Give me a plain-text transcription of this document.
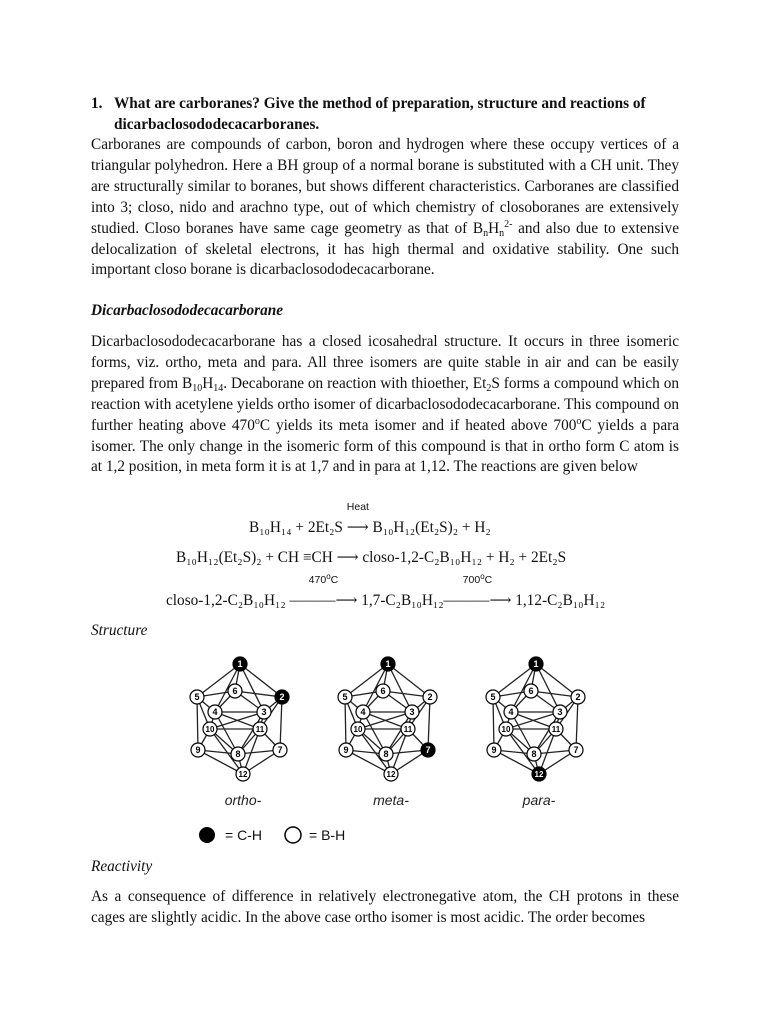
1. What are carboranes? Give the method of preparation, structure and reactions of
dicarbaclosododecacarboranes.

Carboranes are compounds of carbon, boron and hydrogen where these occupy vertices of a triangular polyhedron. Here a BH group of a normal borane is substituted with a CH unit. They are structurally similar to boranes, but shows different characteristics. Carboranes are classified into 3; closo, nido and arachno type, out of which chemistry of closoboranes are extensively studied. Closo boranes have same cage geometry as that of $B_nH_n^{2-}$ and also due to extensive delocalization of skeletal electrons, it has high thermal and oxidative stability. One such important closo borane is dicarbaclosododecacarborane.

Dicarbaclosododecacarborane

Dicarbaclosododecacarborane has a closed icosahedral structure. It occurs in three isomeric forms, viz. ortho, meta and para. All three isomers are quite stable in air and can be easily prepared from $B_{10}H_{14}$. Decaborane on reaction with thioether, $Et_2S$ forms a compound which on reaction with acetylene yields ortho isomer of dicarbaclosododecacarborane. This compound on further heating above 470$^o$C yields its meta isomer and if heated above 700$^o$C yields a para isomer. The only change in the isomeric form of this compound is that in ortho form C atom is at 1,2 position, in meta form it is at 1,7 and in para at 1,12. The reactions are given below

B₁₀H₁₄ + 2Et₂S
Heat
⟶ B₁₀H₁₂(Et₂S)₂ + H₂
B₁₀H₁₂(Et₂S)₂ + CH ≡CH ⟶ closo-1,2-C₂B₁₀H₁₂ + H₂ + 2Et₂S
closo-1,2-C₂B₁₀H₁₂
470$^o$C
———⟶ 1,7-C₂B₁₀H₁₂
700$^o$C
———⟶ 1,12-C₂B₁₀H₁₂
Structure
1
2
3
4
5
6
7
8
9
10	11
12
ortho-
1
2
3
4
5
6
7
8
9
10	11
12
meta-
1
2
3
4
5
6
7
8
9
10	11
12
para-
= C-H	= B-H
Reactivity

As a consequence of difference in relatively electronegative atom, the CH protons in these cages are slightly acidic. In the above case ortho isomer is most acidic. The order becomes
